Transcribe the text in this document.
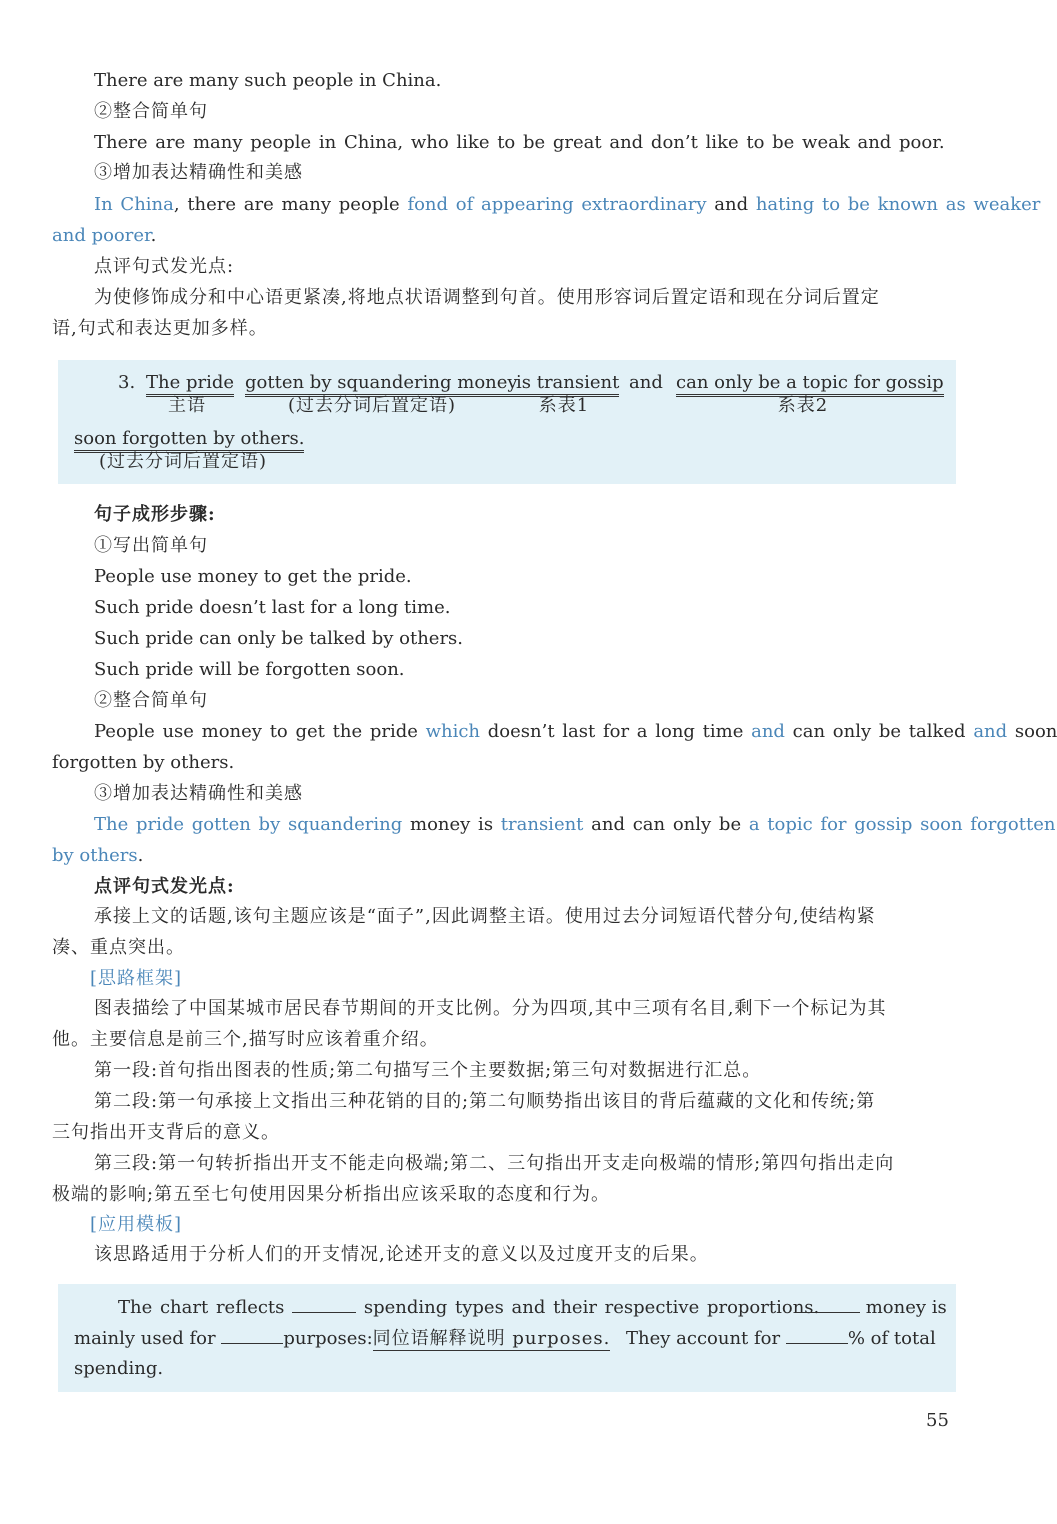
There are many such people in China.
②整合简单句
There are many people in China, who like to be great and don’t like to be weak and poor.
③增加表达精确性和美感
In China, there are many people fond of appearing extraordinary and hating to be known as weaker
and poorer.
点评句式发光点:
为使修饰成分和中心语更紧凑,将地点状语调整到句首。使用形容词后置定语和现在分词后置定
语,句式和表达更加多样。
3. The pride gotten by squandering money
is transient and can only be a topic for gossip
主语	(过去分词后置定语)	系表1	系表2
soon forgotten by others.
(过去分词后置定语)
句子成形步骤:
①写出简单句
People use money to get the pride.
Such pride doesn’t last for a long time.
Such pride can only be talked by others.
Such pride will be forgotten soon.
②整合简单句
People use money to get the pride which doesn’t last for a long time and can only be talked and soon
forgotten by others.
③增加表达精确性和美感
The pride gotten by squandering money is transient and can only be a topic for gossip soon forgotten
by others.
点评句式发光点:
承接上文的话题,该句主题应该是“面子”,因此调整主语。使用过去分词短语代替分句,使结构紧
凑、重点突出。
[思路框架]
图表描绘了中国某城市居民春节期间的开支比例。分为四项,其中三项有名目,剩下一个标记为其
他。主要信息是前三个,描写时应该着重介绍。
第一段:首句指出图表的性质;第二句描写三个主要数据;第三句对数据进行汇总。
第二段:第一句承接上文指出三种花销的目的;第二句顺势指出该目的背后蕴藏的文化和传统;第
三句指出开支背后的意义。
第三段:第一句转折指出开支不能走向极端;第二、三句指出开支走向极端的情形;第四句指出走向
极端的影响;第五至七句使用因果分析指出应该采取的态度和行为。
[应用模板]
该思路适用于分析人们的开支情况,论述开支的意义以及过度开支的后果。
The chart reflects	spending types and their respective proportions.	money is
mainly used for	purposes:同位语解释说明 purposes. They account for	% of total
spending.
55
